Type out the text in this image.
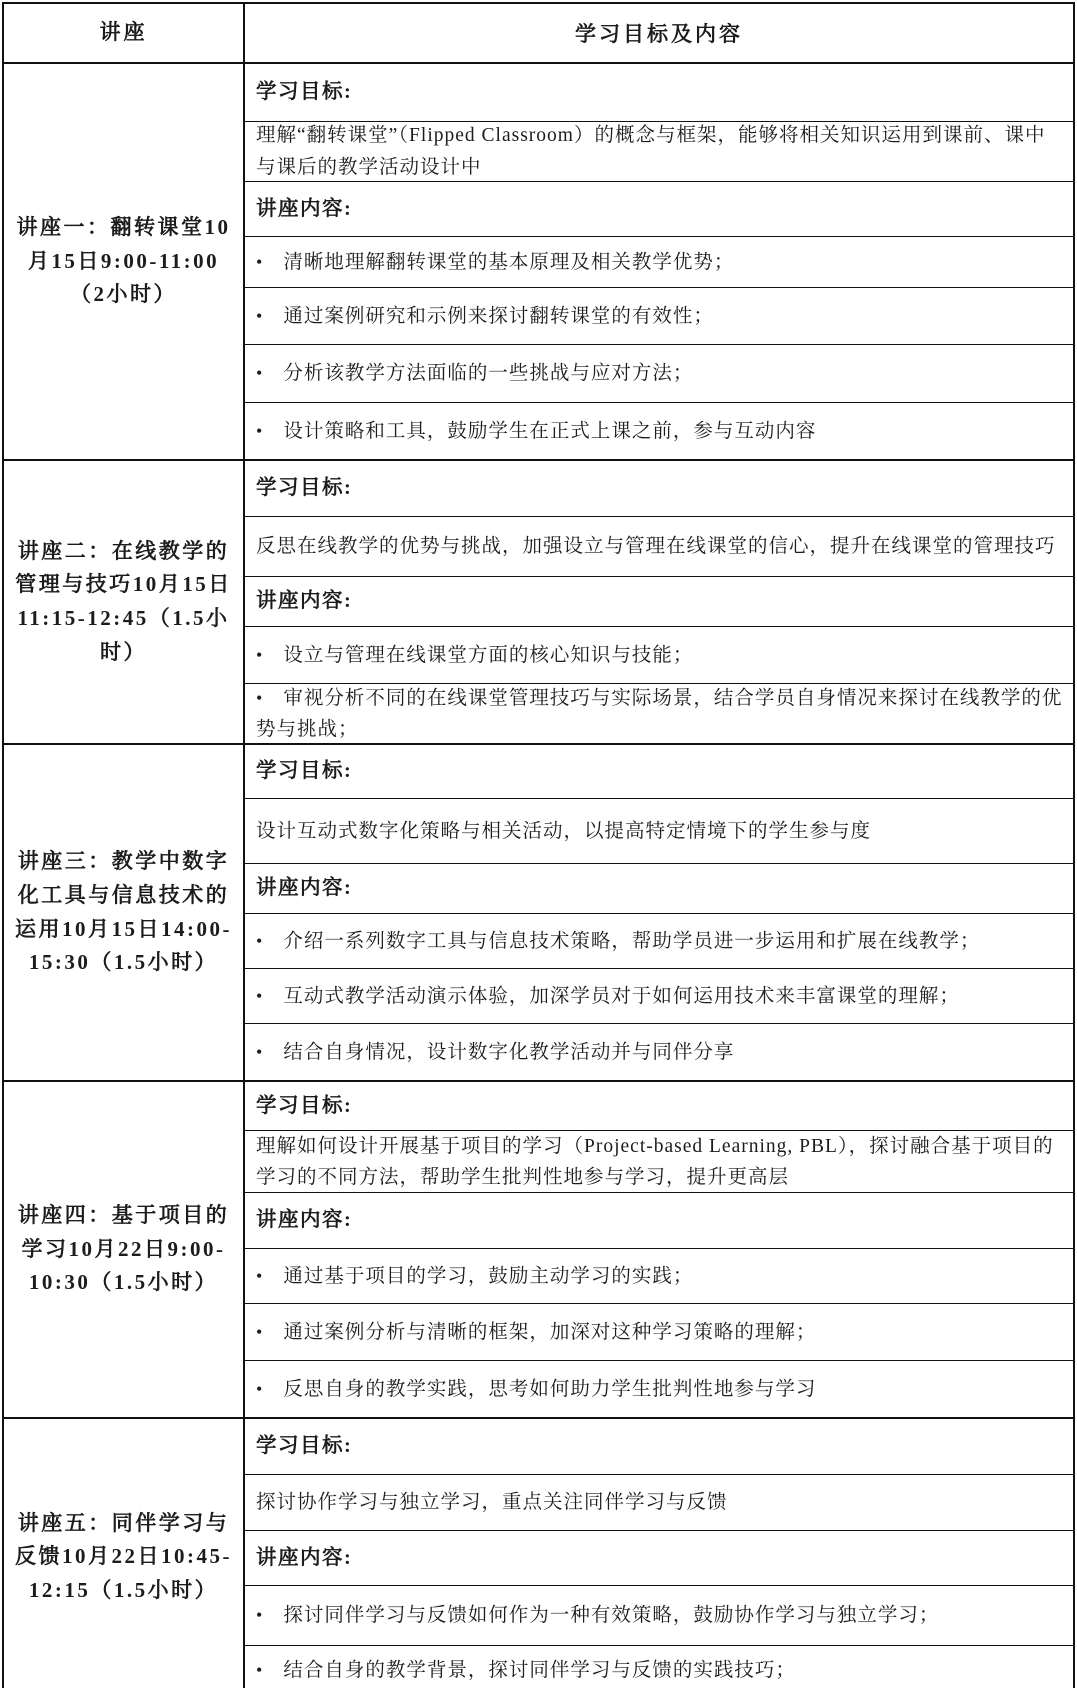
讲座	学习目标及内容
讲座一：翻转课堂10月15日9:00-11:00（2小时）
学习目标:
理解“翻转课堂”（Flipped Classroom）的概念与框架，能够将相关知识运用到课前、课中与课后的教学活动设计中
讲座内容:
• 清晰地理解翻转课堂的基本原理及相关教学优势；
• 通过案例研究和示例来探讨翻转课堂的有效性；
• 分析该教学方法面临的一些挑战与应对方法；
• 设计策略和工具，鼓励学生在正式上课之前，参与互动内容
讲座二：在线教学的管理与技巧10月15日11:15-12:45（1.5小时）
学习目标:
反思在线教学的优势与挑战，加强设立与管理在线课堂的信心，提升在线课堂的管理技巧
讲座内容:
• 设立与管理在线课堂方面的核心知识与技能；
• 审视分析不同的在线课堂管理技巧与实际场景，结合学员自身情况来探讨在线教学的优势与挑战；
讲座三：教学中数字化工具与信息技术的运用10月15日14:00-15:30（1.5小时）
学习目标:
设计互动式数字化策略与相关活动，以提高特定情境下的学生参与度
讲座内容:
• 介绍一系列数字工具与信息技术策略，帮助学员进一步运用和扩展在线教学；
• 互动式教学活动演示体验，加深学员对于如何运用技术来丰富课堂的理解；
• 结合自身情况，设计数字化教学活动并与同伴分享
讲座四：基于项目的学习10月22日9:00-10:30（1.5小时）
学习目标:
理解如何设计开展基于项目的学习（Project-based Learning, PBL），探讨融合基于项目的学习的不同方法，帮助学生批判性地参与学习，提升更高层
讲座内容:
• 通过基于项目的学习，鼓励主动学习的实践；
• 通过案例分析与清晰的框架，加深对这种学习策略的理解；
• 反思自身的教学实践，思考如何助力学生批判性地参与学习
讲座五：同伴学习与反馈10月22日10:45-12:15（1.5小时）
学习目标:
探讨协作学习与独立学习，重点关注同伴学习与反馈
讲座内容:
• 探讨同伴学习与反馈如何作为一种有效策略，鼓励协作学习与独立学习；
• 结合自身的教学背景，探讨同伴学习与反馈的实践技巧；
